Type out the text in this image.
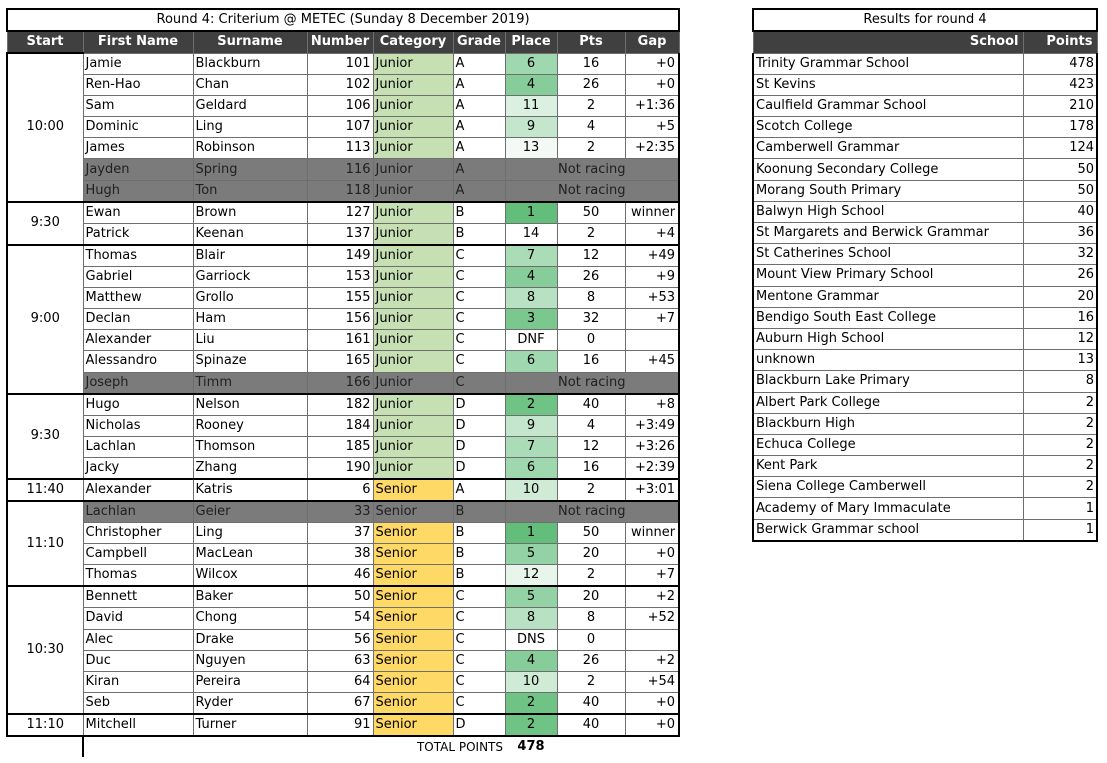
Round 4: Criterium @ METEC (Sunday 8 December 2019)								
Start	First Name	Surname	Number	Category	Grade	Place	Pts	Gap
10:00	Jamie	Blackburn	101	Junior	A	6	16	+0
	Ren-Hao	Chan	102	Junior	A	4	26	+0
	Sam	Geldard	106	Junior	A	11	2	+1:36
	Dominic	Ling	107	Junior	A	9	4	+5
	James	Robinson	113	Junior	A	13	2	+2:35
	Jayden	Spring	116	Junior	A	Not racing		
	Hugh	Ton	118	Junior	A	Not racing		
9:30	Ewan	Brown	127	Junior	B	1	50	winner
	Patrick	Keenan	137	Junior	B	14	2	+4
9:00	Thomas	Blair	149	Junior	C	7	12	+49
	Gabriel	Garriock	153	Junior	C	4	26	+9
	Matthew	Grollo	155	Junior	C	8	8	+53
	Declan	Ham	156	Junior	C	3	32	+7
	Alexander	Liu	161	Junior	C	DNF	0	
	Alessandro	Spinaze	165	Junior	C	6	16	+45
	Joseph	Timm	166	Junior	C	Not racing		
9:30	Hugo	Nelson	182	Junior	D	2	40	+8
	Nicholas	Rooney	184	Junior	D	9	4	+3:49
	Lachlan	Thomson	185	Junior	D	7	12	+3:26
	Jacky	Zhang	190	Junior	D	6	16	+2:39
11:40	Alexander	Katris	6	Senior	A	10	2	+3:01
11:10	Lachlan	Geier	33	Senior	B	Not racing		
	Christopher	Ling	37	Senior	B	1	50	winner
	Campbell	MacLean	38	Senior	B	5	20	+0
	Thomas	Wilcox	46	Senior	B	12	2	+7
10:30	Bennett	Baker	50	Senior	C	5	20	+2
	David	Chong	54	Senior	C	8	8	+52
	Alec	Drake	56	Senior	C	DNS	0	
	Duc	Nguyen	63	Senior	C	4	26	+2
	Kiran	Pereira	64	Senior	C	10	2	+54
	Seb	Ryder	67	Senior	C	2	40	+0
11:10	Mitchell	Turner	91	Senior	D	2	40	+0
	TOTAL POINTS					478		
Results for round 4	
School	Points
Trinity Grammar School	478
St Kevins	423
Caulfield Grammar School	210
Scotch College	178
Camberwell Grammar	124
Koonung Secondary College	50
Morang South Primary	50
Balwyn High School	40
St Margarets and Berwick Grammar	36
St Catherines School	32
Mount View Primary School	26
Mentone Grammar	20
Bendigo South East College	16
Auburn High School	12
unknown	13
Blackburn Lake Primary	8
Albert Park College	2
Blackburn High	2
Echuca College	2
Kent Park	2
Siena College Camberwell	2
Academy of Mary Immaculate	1
Berwick Grammar school	1
